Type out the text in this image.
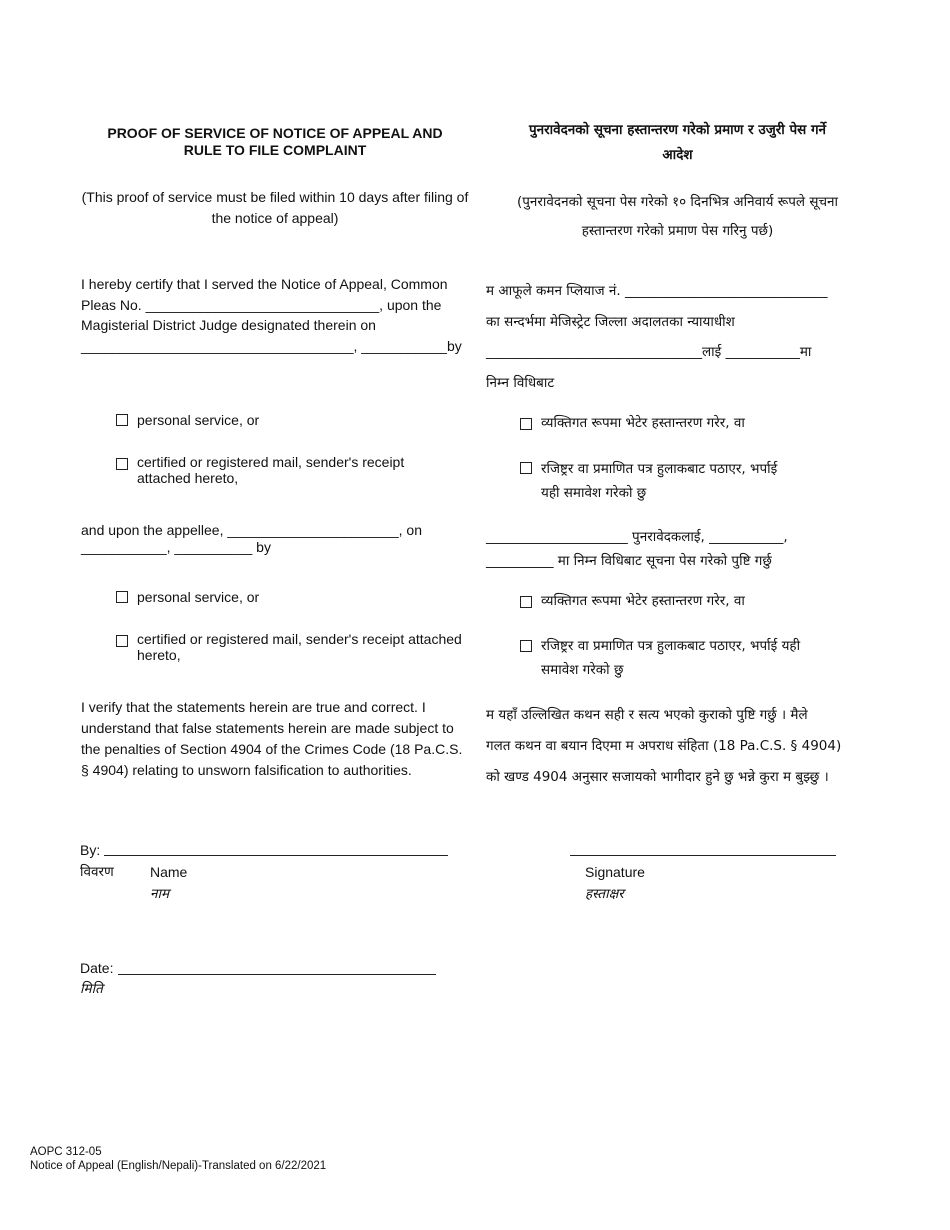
PROOF OF SERVICE OF NOTICE OF APPEAL AND
RULE TO FILE COMPLAINT
(This proof of service must be filed within 10 days after filing of
the notice of appeal)
I hereby certify that I served the Notice of Appeal, Common
Pleas No. ______________________________, upon the
Magisterial District Judge designated therein on
___________________________________, ___________by
personal service, or
certified or registered mail, sender's receipt
attached hereto,
and upon the appellee, ______________________, on
___________, __________ by
personal service, or
certified or registered mail, sender's receipt attached
hereto,
I verify that the statements herein are true and correct. I
understand that false statements herein are made subject to
the penalties of Section 4904 of the Crimes Code (18 Pa.C.S.
§ 4904) relating to unsworn falsification to authorities.
पुनरावेदनको सूचना हस्तान्तरण गरेको प्रमाण र उजुरी पेस गर्ने
आदेश
(पुनरावेदनको सूचना पेस गरेको १० दिनभित्र अनिवार्य रूपले सूचना
हस्तान्तरण गरेको प्रमाण पेस गरिनु पर्छ)
म आफूले कमन प्लियाज नं. ______________________________
का सन्दर्भमा मेजिस्ट्रेट जिल्ला अदालतका न्यायाधीश
________________________________लाई ___________मा
निम्न विधिबाट
व्यक्तिगत रूपमा भेटेर हस्तान्तरण गरेर, वा
रजिष्ट्रर वा प्रमाणित पत्र हुलाकबाट पठाएर, भर्पाई
यही समावेश गरेको छु
_____________________ पुनरावेदकलाई, ___________,
__________ मा निम्न विधिबाट सूचना पेस गरेको पुष्टि गर्छु
व्यक्तिगत रूपमा भेटेर हस्तान्तरण गरेर, वा
रजिष्ट्रर वा प्रमाणित पत्र हुलाकबाट पठाएर, भर्पाई यही
समावेश गरेको छु
म यहाँ उल्लिखित कथन सही र सत्य भएको कुराको पुष्टि गर्छु । मैले
गलत कथन वा बयान दिएमा म अपराध संहिता (18 Pa.C.S. § 4904)
को खण्ड 4904 अनुसार सजायको भागीदार हुने छु भन्ने कुरा म बुझ्छु ।
By:
विवरण	Name
नाम
Signature
हस्ताक्षर
Date:
मिति
AOPC 312-05
Notice of Appeal (English/Nepali)-Translated on 6/22/2021
